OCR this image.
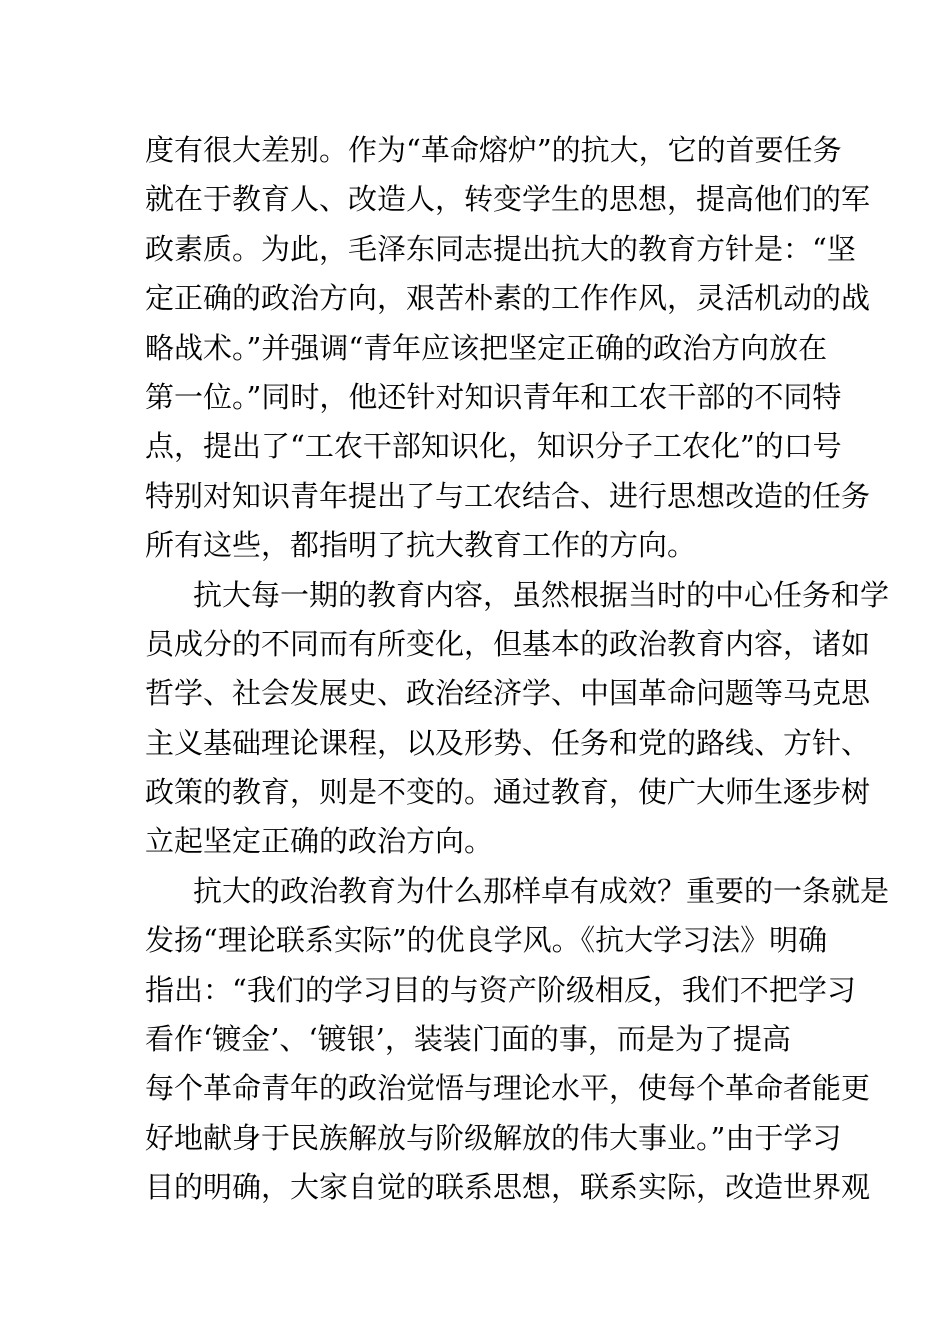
度有很大差别。作为“革命熔炉”的抗大，它的首要任务
就在于教育人、改造人，转变学生的思想，提高他们的军
政素质。为此，毛泽东同志提出抗大的教育方针是：“坚
定正确的政治方向，艰苦朴素的工作作风，灵活机动的战
略战术。”并强调“青年应该把坚定正确的政治方向放在
第一位。”同时，他还针对知识青年和工农干部的不同特
点，提出了“工农干部知识化，知识分子工农化”的口号
特别对知识青年提出了与工农结合、进行思想改造的任务
所有这些，都指明了抗大教育工作的方向。
抗大每一期的教育内容，虽然根据当时的中心任务和学
员成分的不同而有所变化，但基本的政治教育内容，诸如
哲学、社会发展史、政治经济学、中国革命问题等马克思
主义基础理论课程，以及形势、任务和党的路线、方针、
政策的教育，则是不变的。通过教育，使广大师生逐步树
立起坚定正确的政治方向。
抗大的政治教育为什么那样卓有成效？重要的一条就是
发扬“理论联系实际”的优良学风。《抗大学习法》明确
指出：“我们的学习目的与资产阶级相反，我们不把学习
看作‘镀金’、‘镀银’，装装门面的事，而是为了提高
每个革命青年的政治觉悟与理论水平，使每个革命者能更
好地献身于民族解放与阶级解放的伟大事业。”由于学习
目的明确，大家自觉的联系思想，联系实际，改造世界观
